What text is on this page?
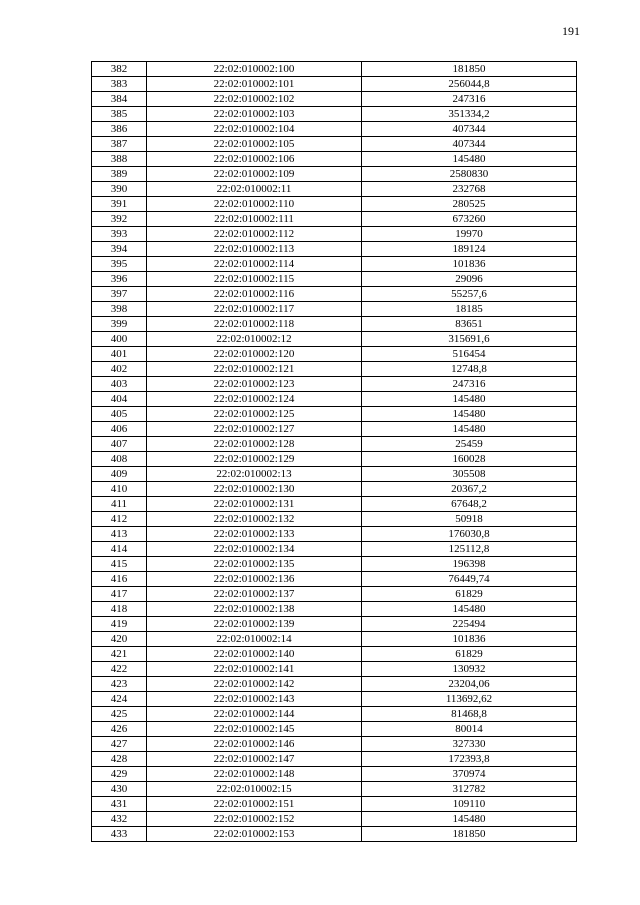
191
382	22:02:010002:100	181850
383	22:02:010002:101	256044,8
384	22:02:010002:102	247316
385	22:02:010002:103	351334,2
386	22:02:010002:104	407344
387	22:02:010002:105	407344
388	22:02:010002:106	145480
389	22:02:010002:109	2580830
390	22:02:010002:11	232768
391	22:02:010002:110	280525
392	22:02:010002:111	673260
393	22:02:010002:112	19970
394	22:02:010002:113	189124
395	22:02:010002:114	101836
396	22:02:010002:115	29096
397	22:02:010002:116	55257,6
398	22:02:010002:117	18185
399	22:02:010002:118	83651
400	22:02:010002:12	315691,6
401	22:02:010002:120	516454
402	22:02:010002:121	12748,8
403	22:02:010002:123	247316
404	22:02:010002:124	145480
405	22:02:010002:125	145480
406	22:02:010002:127	145480
407	22:02:010002:128	25459
408	22:02:010002:129	160028
409	22:02:010002:13	305508
410	22:02:010002:130	20367,2
411	22:02:010002:131	67648,2
412	22:02:010002:132	50918
413	22:02:010002:133	176030,8
414	22:02:010002:134	125112,8
415	22:02:010002:135	196398
416	22:02:010002:136	76449,74
417	22:02:010002:137	61829
418	22:02:010002:138	145480
419	22:02:010002:139	225494
420	22:02:010002:14	101836
421	22:02:010002:140	61829
422	22:02:010002:141	130932
423	22:02:010002:142	23204,06
424	22:02:010002:143	113692,62
425	22:02:010002:144	81468,8
426	22:02:010002:145	80014
427	22:02:010002:146	327330
428	22:02:010002:147	172393,8
429	22:02:010002:148	370974
430	22:02:010002:15	312782
431	22:02:010002:151	109110
432	22:02:010002:152	145480
433	22:02:010002:153	181850
